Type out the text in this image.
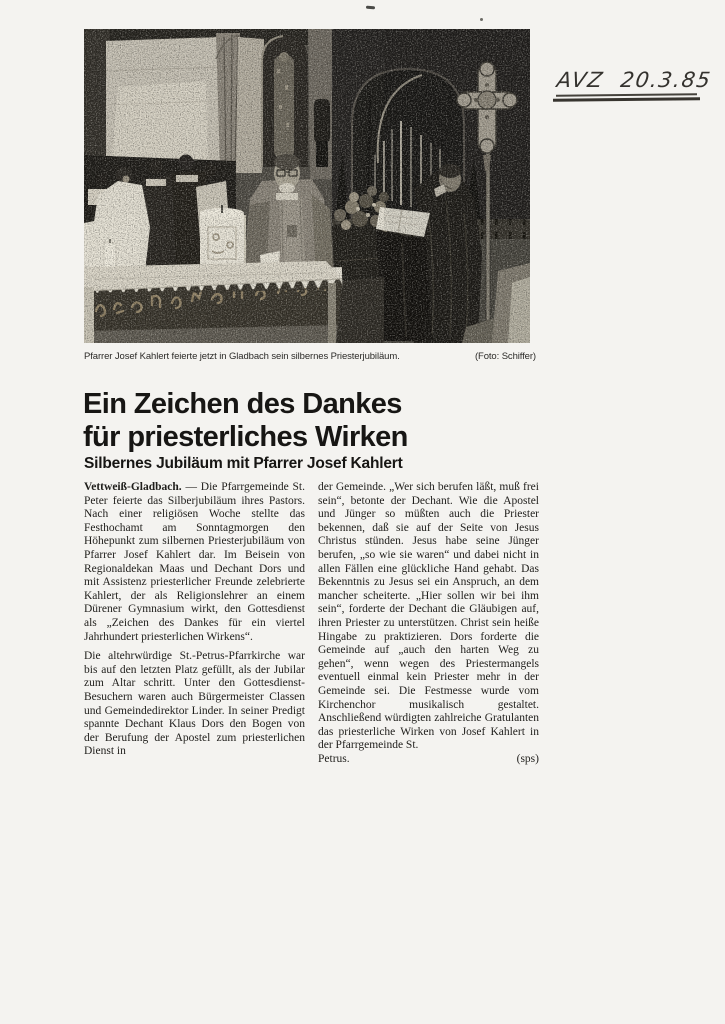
AVZ 20.3.85
Pfarrer Josef Kahlert feierte jetzt in Gladbach sein silbernes Priesterjubiläum.	(Foto: Schiffer)
Ein Zeichen des Dankes
für priesterliches Wirken
Silbernes Jubiläum mit Pfarrer Josef Kahlert

Vettweiß-Gladbach. — Die Pfarrgemeinde St. Peter feierte das Silberjubiläum ihres Pastors. Nach einer religiösen Woche stellte das Festhochamt am Sonntagmorgen den Höhepunkt zum silbernen Priesterjubiläum von Pfarrer Josef Kahlert dar. Im Beisein von Regionaldekan Maas und Dechant Dors und mit Assistenz priesterlicher Freunde zelebrierte Kahlert, der als Religionslehrer an einem Dürener Gymnasium wirkt, den Gottesdienst als „Zeichen des Dankes für ein viertel Jahrhundert priesterlichen Wirkens“.

Die altehrwürdige St.-Petrus-Pfarrkirche war bis auf den letzten Platz gefüllt, als der Jubilar zum Altar schritt. Unter den Gottesdienst-Besuchern waren auch Bürgermeister Classen und Gemeindedirektor Linder. In seiner Predigt spannte Dechant Klaus Dors den Bogen von der Berufung der Apostel zum priesterlichen Dienst in

der Gemeinde. „Wer sich berufen läßt, muß frei sein“, betonte der Dechant. Wie die Apostel und Jünger so müßten auch die Priester bekennen, daß sie auf der Seite von Jesus Christus stünden. Jesus habe seine Jünger berufen, „so wie sie waren“ und dabei nicht in allen Fällen eine glückliche Hand gehabt. Das Bekenntnis zu Jesus sei ein Anspruch, an dem mancher scheiterte. „Hier sollen wir bei ihm sein“, forderte der Dechant die Gläubigen auf, ihren Priester zu unterstützen. Christ sein heiße Hingabe zu praktizieren. Dors forderte die Gemeinde auf „auch den harten Weg zu gehen“, wenn wegen des Priestermangels eventuell einmal kein Priester mehr in der Gemeinde sei. Die Festmesse wurde vom Kirchenchor musikalisch gestaltet. Anschließend würdigten zahlreiche Gratulanten das priesterliche Wirken von Josef Kahlert in der Pfarrgemeinde St.

Petrus.	(sps)
